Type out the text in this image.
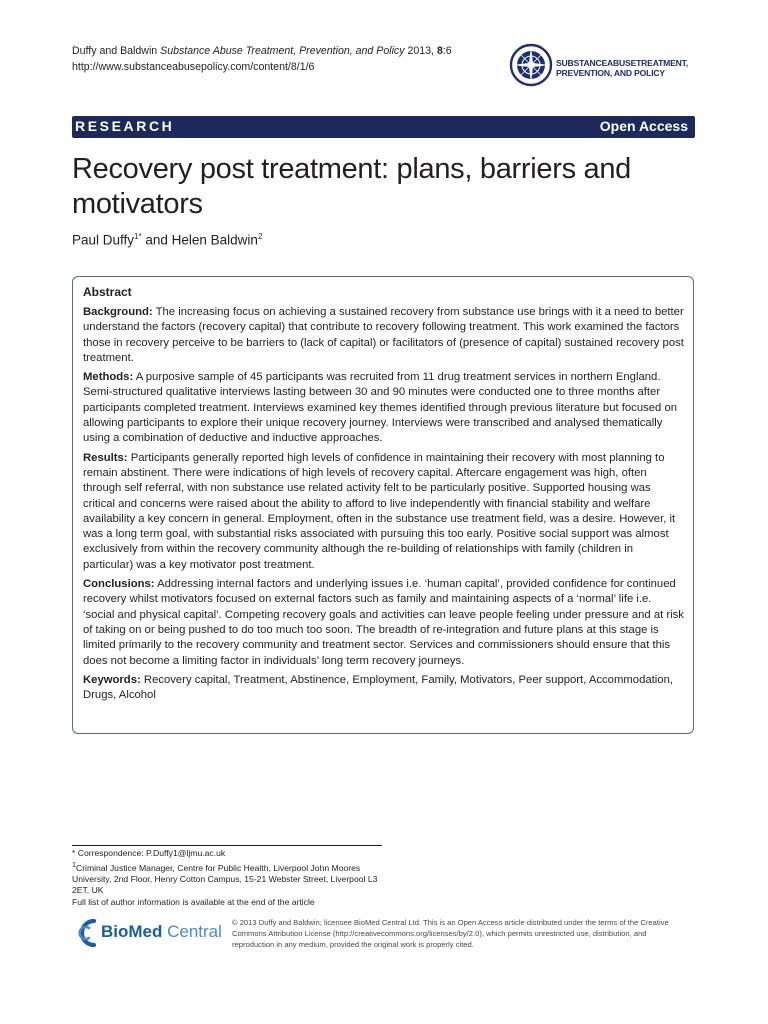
Duffy and Baldwin Substance Abuse Treatment, Prevention, and Policy 2013, 8:6
http://www.substanceabusepolicy.com/content/8/1/6	SUBSTANCEABUSETREATMENT,
PREVENTION, AND POLICY
RESEARCH	Open Access
Recovery post treatment: plans, barriers and motivators
Paul Duffy$^{1*}$ and Helen Baldwin$^2$
Abstract

Background: The increasing focus on achieving a sustained recovery from substance use brings with it a need to better understand the factors (recovery capital) that contribute to recovery following treatment. This work examined the factors those in recovery perceive to be barriers to (lack of capital) or facilitators of (presence of capital) sustained recovery post treatment.

Methods: A purposive sample of 45 participants was recruited from 11 drug treatment services in northern England. Semi-structured qualitative interviews lasting between 30 and 90 minutes were conducted one to three months after participants completed treatment. Interviews examined key themes identified through previous literature but focused on allowing participants to explore their unique recovery journey. Interviews were transcribed and analysed thematically using a combination of deductive and inductive approaches.

Results: Participants generally reported high levels of confidence in maintaining their recovery with most planning to remain abstinent. There were indications of high levels of recovery capital. Aftercare engagement was high, often through self referral, with non substance use related activity felt to be particularly positive. Supported housing was critical and concerns were raised about the ability to afford to live independently with financial stability and welfare availability a key concern in general. Employment, often in the substance use treatment field, was a desire. However, it was a long term goal, with substantial risks associated with pursuing this too early. Positive social support was almost exclusively from within the recovery community although the re-building of relationships with family (children in particular) was a key motivator post treatment.

Conclusions: Addressing internal factors and underlying issues i.e. ‘human capital’, provided confidence for continued recovery whilst motivators focused on external factors such as family and maintaining aspects of a ‘normal’ life i.e. ‘social and physical capital’. Competing recovery goals and activities can leave people feeling under pressure and at risk of taking on or being pushed to do too much too soon. The breadth of re-integration and future plans at this stage is limited primarily to the recovery community and treatment sector. Services and commissioners should ensure that this does not become a limiting factor in individuals’ long term recovery journeys.

Keywords: Recovery capital, Treatment, Abstinence, Employment, Family, Motivators, Peer support, Accommodation, Drugs, Alcohol

* Correspondence: P.Duffy1@ljmu.ac.uk
$^1$Criminal Justice Manager, Centre for Public Health, Liverpool John Moores University, 2nd Floor, Henry Cotton Campus, 15-21 Webster Street, Liverpool L3 2ET, UK
Full list of author information is available at the end of the article
BioMed Central © 2013 Duffy and Baldwin; licensee BioMed Central Ltd. This is an Open Access article distributed under the terms of the Creative Commons Attribution License (http://creativecommons.org/licenses/by/2.0), which permits unrestricted use, distribution, and reproduction in any medium, provided the original work is properly cited.
